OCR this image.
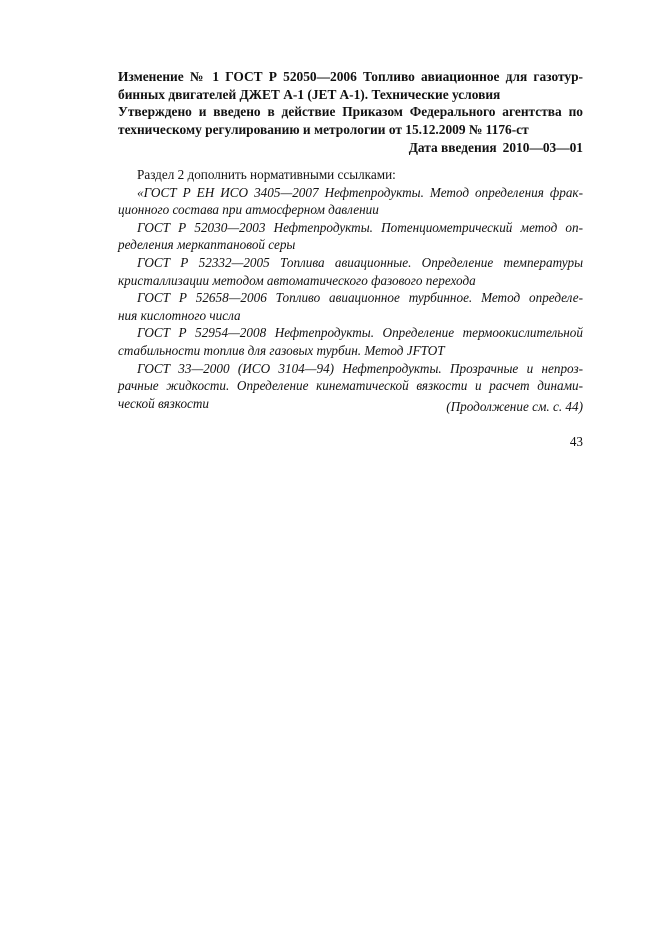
Изменение № 1 ГОСТ Р 52050—2006 Топливо авиационное для газотур-
бинных двигателей ДЖЕТ А-1 (JET А-1). Технические условия
Утверждено и введено в действие Приказом Федерального агентства по
техническому регулированию и метрологии от 15.12.2009 № 1176-ст
Дата введения 2010—03—01
Раздел 2 дополнить нормативными ссылками:
«ГОСТ Р ЕН ИСО 3405—2007 Нефтепродукты. Метод определения фрак-
ционного состава при атмосферном давлении
ГОСТ Р 52030—2003 Нефтепродукты. Потенциометрический метод оп-
ределения меркаптановой серы
ГОСТ Р 52332—2005 Топлива авиационные. Определение температуры
кристаллизации методом автоматического фазового перехода
ГОСТ Р 52658—2006 Топливо авиационное турбинное. Метод определе-
ния кислотного числа
ГОСТ Р 52954—2008 Нефтепродукты. Определение термоокислительной
стабильности топлив для газовых турбин. Метод JFTOT
ГОСТ 33—2000 (ИСО 3104—94) Нефтепродукты. Прозрачные и непроз-
рачные жидкости. Определение кинематической вязкости и расчет динами-
ческой вязкости	(Продолжение см. с. 44)
43
